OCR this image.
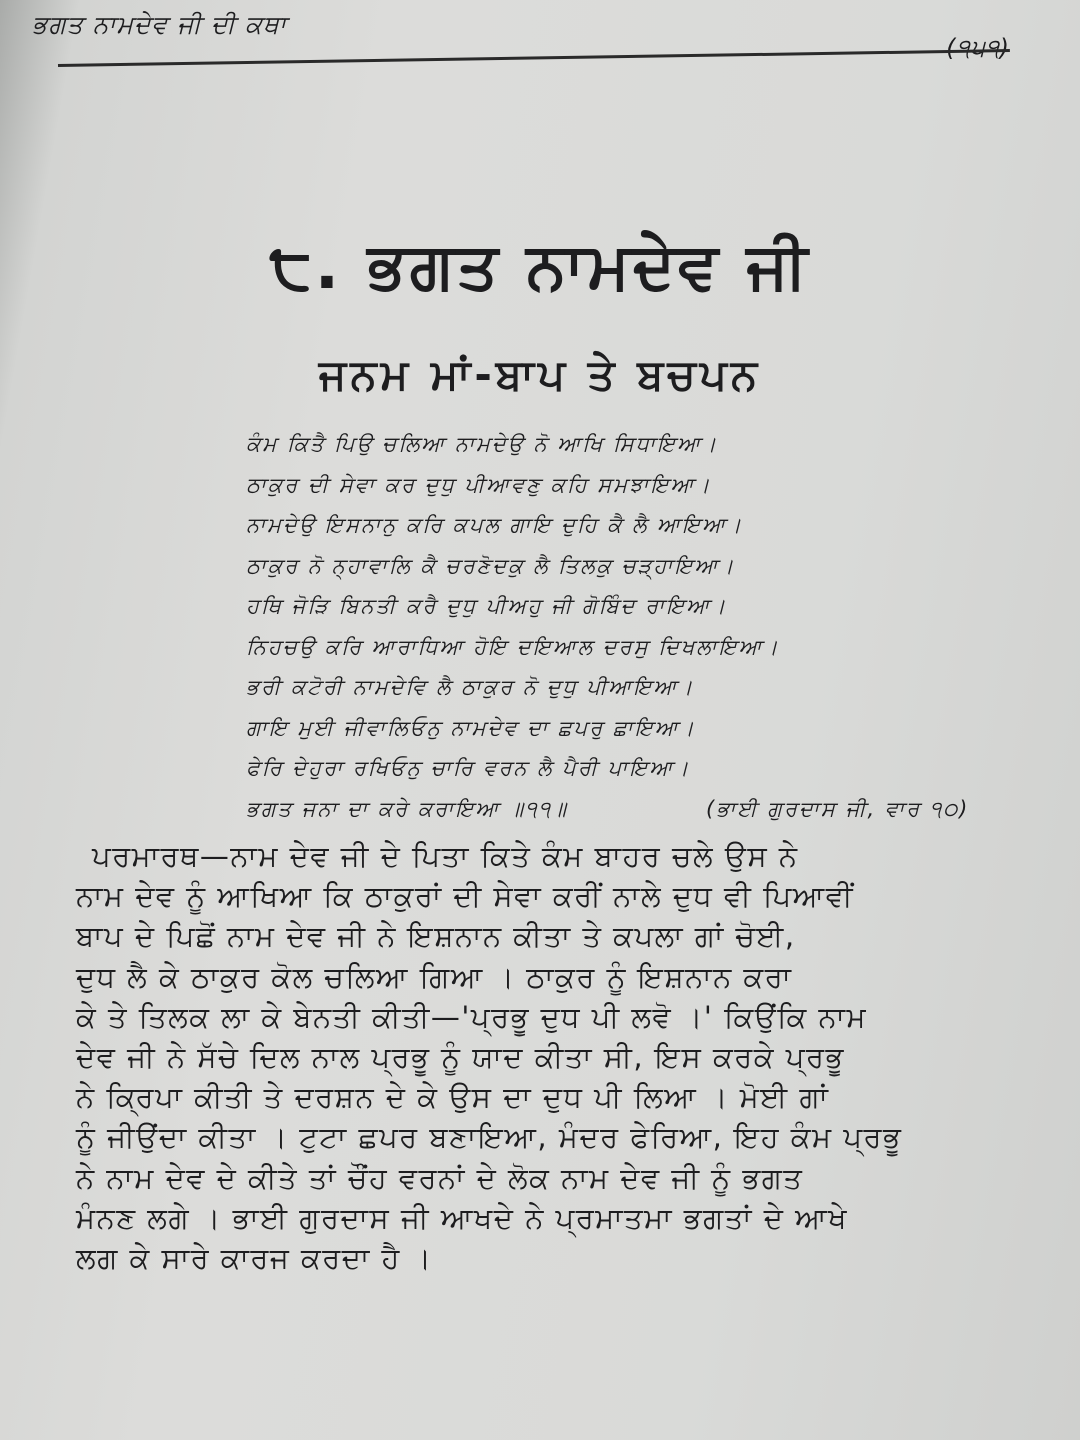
ਭਗਤ ਨਾਮਦੇਵ ਜੀ ਦੀ ਕਥਾ
(੧੫੧)
੮. ਭਗਤ ਨਾਮਦੇਵ ਜੀ
ਜਨਮ ਮਾਂ-ਬਾਪ ਤੇ ਬਚਪਨ
ਕੰਮ ਕਿਤੈ ਪਿਉ ਚਲਿਆ ਨਾਮਦੇਉ ਨੋ ਆਖਿ ਸਿਧਾਇਆ।
ਠਾਕੁਰ ਦੀ ਸੇਵਾ ਕਰ ਦੁਧੁ ਪੀਆਵਣੁ ਕਹਿ ਸਮਝਾਇਆ।
ਨਾਮਦੇਉ ਇਸਨਾਨੁ ਕਰਿ ਕਪਲ ਗਾਇ ਦੁਹਿ ਕੈ ਲੈ ਆਇਆ।
ਠਾਕੁਰ ਨੋ ਨ੍ਹਾਵਾਲਿ ਕੈ ਚਰਣੋਦਕੁ ਲੈ ਤਿਲਕੁ ਚੜ੍ਹਾਇਆ।
ਹਥਿ ਜੋੜਿ ਬਿਨਤੀ ਕਰੈ ਦੁਧੁ ਪੀਅਹੁ ਜੀ ਗੋਬਿੰਦ ਰਾਇਆ।
ਨਿਹਚਉ ਕਰਿ ਆਰਾਧਿਆ ਹੋਇ ਦਇਆਲ ਦਰਸੁ ਦਿਖਲਾਇਆ।
ਭਰੀ ਕਟੋਰੀ ਨਾਮਦੇਵਿ ਲੈ ਠਾਕੁਰ ਨੋ ਦੁਧੁ ਪੀਆਇਆ।
ਗਾਇ ਮੁਈ ਜੀਵਾਲਿਓਨੁ ਨਾਮਦੇਵ ਦਾ ਛਪਰੁ ਛਾਇਆ।
ਫੇਰਿ ਦੇਹੁਰਾ ਰਖਿਓਨੁ ਚਾਰਿ ਵਰਨ ਲੈ ਪੈਰੀ ਪਾਇਆ।
ਭਗਤ ਜਨਾ ਦਾ ਕਰੇ ਕਰਾਇਆ ॥੧੧॥	(ਭਾਈ ਗੁਰਦਾਸ ਜੀ, ਵਾਰ ੧੦)
ਪਰਮਾਰਥ—ਨਾਮ ਦੇਵ ਜੀ ਦੇ ਪਿਤਾ ਕਿਤੇ ਕੰਮ ਬਾਹਰ ਚਲੇ ਉਸ ਨੇ
ਨਾਮ ਦੇਵ ਨੂੰ ਆਖਿਆ ਕਿ ਠਾਕੁਰਾਂ ਦੀ ਸੇਵਾ ਕਰੀਂ ਨਾਲੇ ਦੁਧ ਵੀ ਪਿਆਵੀਂ
ਬਾਪ ਦੇ ਪਿਛੋਂ ਨਾਮ ਦੇਵ ਜੀ ਨੇ ਇਸ਼ਨਾਨ ਕੀਤਾ ਤੇ ਕਪਲਾ ਗਾਂ ਚੋਈ,
ਦੁਧ ਲੈ ਕੇ ਠਾਕੁਰ ਕੋਲ ਚਲਿਆ ਗਿਆ । ਠਾਕੁਰ ਨੂੰ ਇਸ਼ਨਾਨ ਕਰਾ
ਕੇ ਤੇ ਤਿਲਕ ਲਾ ਕੇ ਬੇਨਤੀ ਕੀਤੀ—'ਪ੍ਰਭੂ ਦੁਧ ਪੀ ਲਵੋ ।' ਕਿਉਂਕਿ ਨਾਮ
ਦੇਵ ਜੀ ਨੇ ਸੱਚੇ ਦਿਲ ਨਾਲ ਪ੍ਰਭੂ ਨੂੰ ਯਾਦ ਕੀਤਾ ਸੀ, ਇਸ ਕਰਕੇ ਪ੍ਰਭੂ
ਨੇ ਕ੍ਰਿਪਾ ਕੀਤੀ ਤੇ ਦਰਸ਼ਨ ਦੇ ਕੇ ਉਸ ਦਾ ਦੁਧ ਪੀ ਲਿਆ । ਮੋਈ ਗਾਂ
ਨੂੰ ਜੀਉਂਦਾ ਕੀਤਾ । ਟੁਟਾ ਛਪਰ ਬਣਾਇਆ, ਮੰਦਰ ਫੇਰਿਆ, ਇਹ ਕੰਮ ਪ੍ਰਭੂ
ਨੇ ਨਾਮ ਦੇਵ ਦੇ ਕੀਤੇ ਤਾਂ ਚੌਂਹ ਵਰਨਾਂ ਦੇ ਲੋਕ ਨਾਮ ਦੇਵ ਜੀ ਨੂੰ ਭਗਤ
ਮੰਨਣ ਲਗੇ । ਭਾਈ ਗੁਰਦਾਸ ਜੀ ਆਖਦੇ ਨੇ ਪ੍ਰਮਾਤਮਾ ਭਗਤਾਂ ਦੇ ਆਖੇ
ਲਗ ਕੇ ਸਾਰੇ ਕਾਰਜ ਕਰਦਾ ਹੈ ।
